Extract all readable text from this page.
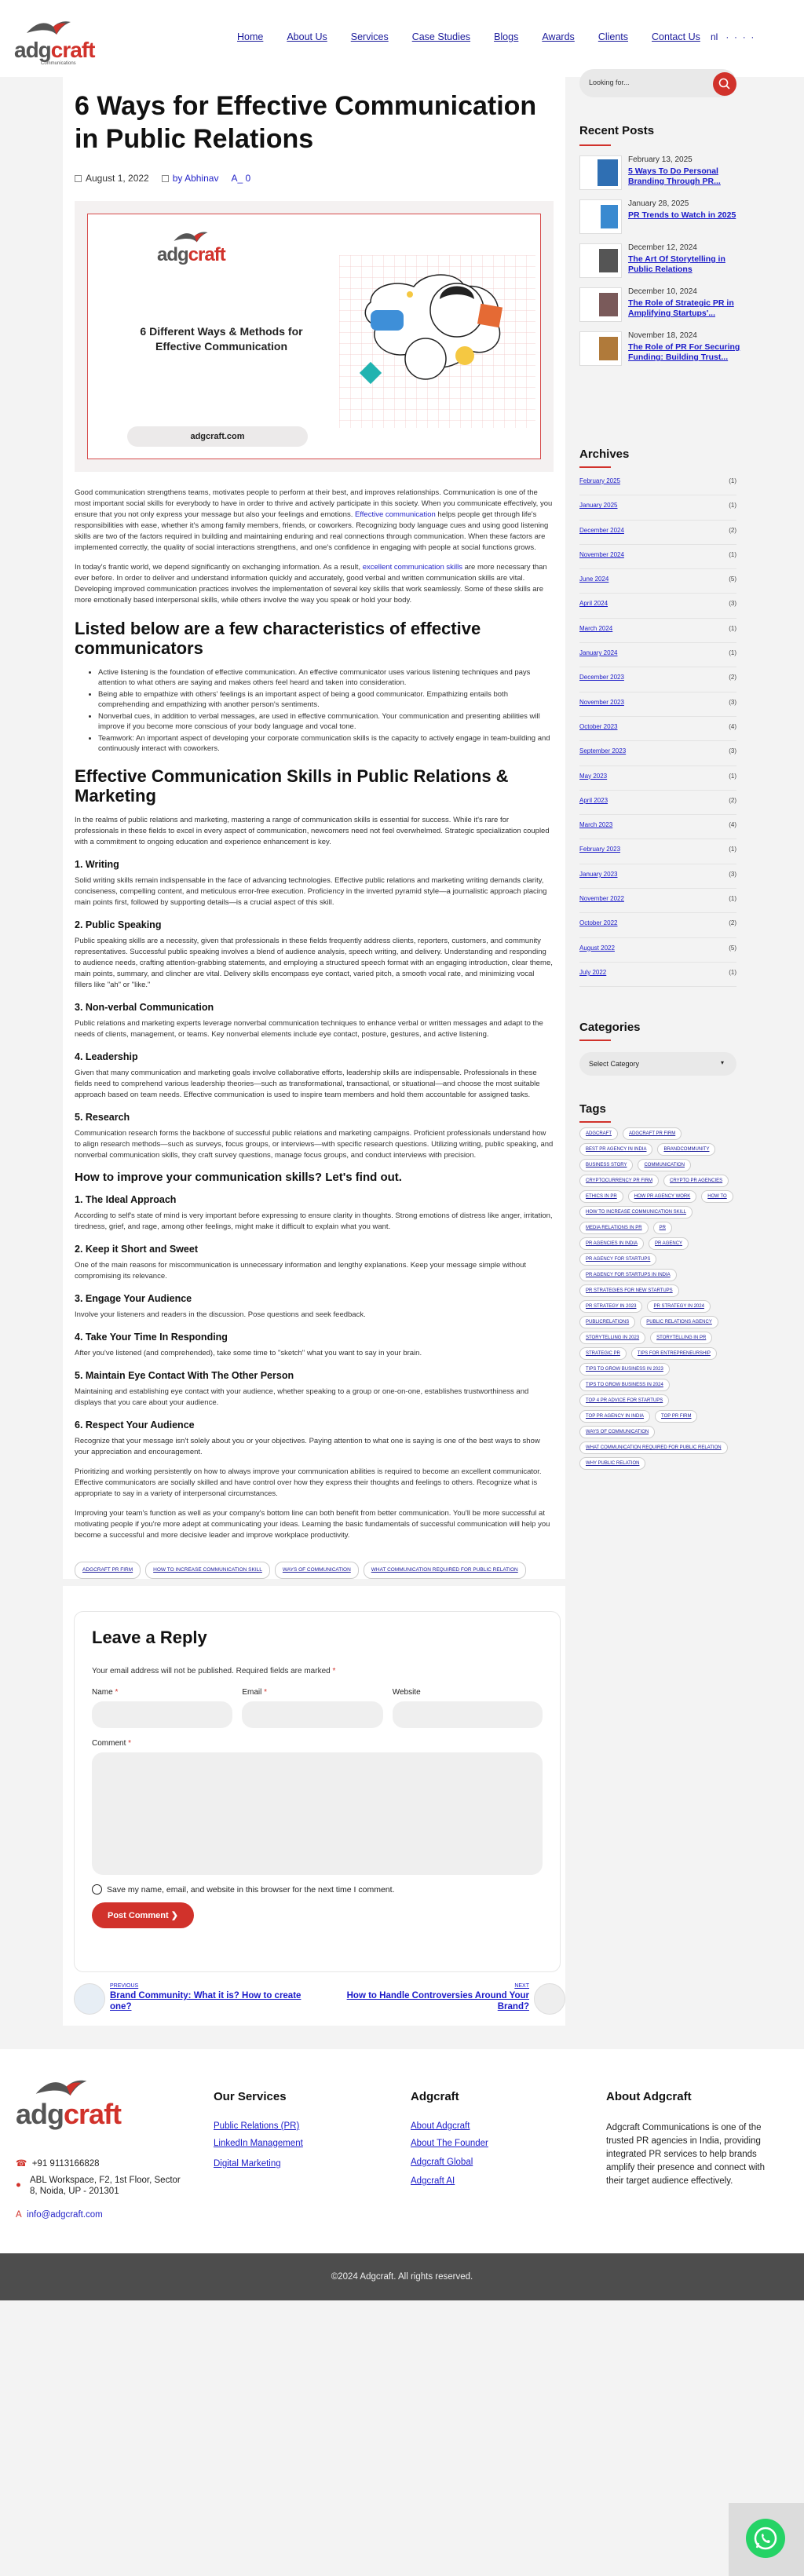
adgcraft
Communications
Home About Us Services Case Studies Blogs Awards Clients Contact Us nl ·  ·  ·  ·
6 Ways for Effective Communication in Public Relations
August 1, 2022	by Abhinav A_ 0
adgcraft
6 Different Ways & Methods for Effective Communication
adgcraft.com

Good communication strengthens teams, motivates people to perform at their best, and improves relationships. Communication is one of the most important social skills for everybody to have in order to thrive and actively participate in this society. When you communicate effectively, you ensure that you not only express your message but also your feelings and emotions. Effective communication helps people get through life's responsibilities with ease, whether it's among family members, friends, or coworkers. Recognizing body language cues and using good listening skills are two of the factors required in building and maintaining enduring and real connections through communication. When these factors are implemented correctly, the quality of social interactions strengthens, and one's confidence in engaging with people at social functions grows.

In today's frantic world, we depend significantly on exchanging information. As a result, excellent communication skills are more necessary than ever before. In order to deliver and understand information quickly and accurately, good verbal and written communication skills are vital. Developing improved communication practices involves the implementation of several key skills that work seamlessly. Some of these skills are more emotionally based interpersonal skills, while others involve the way you speak or hold your body.

Listed below are a few characteristics of effective communicators
• Active listening is the foundation of effective communication. An effective communicator uses various listening techniques and pays attention to what others are saying and makes others feel heard and taken into consideration.
• Being able to empathize with others' feelings is an important aspect of being a good communicator. Empathizing entails both comprehending and empathizing with another person's sentiments.
• Nonverbal cues, in addition to verbal messages, are used in effective communication. Your communication and presenting abilities will improve if you become more conscious of your body language and vocal tone.
• Teamwork: An important aspect of developing your corporate communication skills is the capacity to actively engage in team-building and continuously interact with coworkers.
Effective Communication Skills in Public Relations & Marketing

In the realms of public relations and marketing, mastering a range of communication skills is essential for success. While it's rare for professionals in these fields to excel in every aspect of communication, newcomers need not feel overwhelmed. Strategic specialization coupled with a commitment to ongoing education and experience enhancement is key.

1. Writing

Solid writing skills remain indispensable in the face of advancing technologies. Effective public relations and marketing writing demands clarity, conciseness, compelling content, and meticulous error-free execution. Proficiency in the inverted pyramid style—a journalistic approach placing main points first, followed by supporting details—is a crucial aspect of this skill.

2. Public Speaking

Public speaking skills are a necessity, given that professionals in these fields frequently address clients, reporters, customers, and community representatives. Successful public speaking involves a blend of audience analysis, speech writing, and delivery. Understanding and responding to audience needs, crafting attention-grabbing statements, and employing a structured speech format with an engaging introduction, clear theme, main points, summary, and clincher are vital. Delivery skills encompass eye contact, varied pitch, a smooth vocal rate, and minimizing vocal fillers like "ah" or "like."

3. Non-verbal Communication

Public relations and marketing experts leverage nonverbal communication techniques to enhance verbal or written messages and adapt to the needs of clients, management, or teams. Key nonverbal elements include eye contact, posture, gestures, and active listening.

4. Leadership

Given that many communication and marketing goals involve collaborative efforts, leadership skills are indispensable. Professionals in these fields need to comprehend various leadership theories—such as transformational, transactional, or situational—and choose the most suitable approach based on team needs. Effective communication is used to inspire team members and hold them accountable for assigned tasks.

5. Research

Communication research forms the backbone of successful public relations and marketing campaigns. Proficient professionals understand how to align research methods—such as surveys, focus groups, or interviews—with specific research questions. Utilizing writing, public speaking, and nonverbal communication skills, they craft survey questions, manage focus groups, and conduct interviews with precision.

How to improve your communication skills? Let's find out.
1. The Ideal Approach

According to self's state of mind is very important before expressing to ensure clarity in thoughts. Strong emotions of distress like anger, irritation, tiredness, grief, and rage, among other feelings, might make it difficult to explain what you want.

2. Keep it Short and Sweet

One of the main reasons for miscommunication is unnecessary information and lengthy explanations. Keep your message simple without compromising its relevance.

3. Engage Your Audience

Involve your listeners and readers in the discussion. Pose questions and seek feedback.

4. Take Your Time In Responding

After you've listened (and comprehended), take some time to "sketch" what you want to say in your brain.

5. Maintain Eye Contact With The Other Person

Maintaining and establishing eye contact with your audience, whether speaking to a group or one-on-one, establishes trustworthiness and displays that you care about your audience.

6. Respect Your Audience

Recognize that your message isn't solely about you or your objectives. Paying attention to what one is saying is one of the best ways to show your appreciation and encouragement.

Prioritizing and working persistently on how to always improve your communication abilities is required to become an excellent communicator. Effective communicators are socially skilled and have control over how they express their thoughts and feelings to others. Recognize what is appropriate to say in a variety of interpersonal circumstances.

Improving your team's function as well as your company's bottom line can both benefit from better communication. You'll be more successful at motivating people if you're more adept at communicating your ideas. Learning the basic fundamentals of successful communication will help you become a successful and more decisive leader and improve workplace productivity.

ADGCRAFT PR FIRM	HOW TO INCREASE COMMUNICATION SKILL	WAYS OF COMMUNICATION	WHAT COMMUNICATION REQUIRED FOR PUBLIC RELATION
Leave a Reply
Your email address will not be published. Required fields are marked *
Name *	Email *	Website
Comment *
Save my name, email, and website in this browser for the next time I comment.
Post Comment ❯
PREVIOUS
Brand Community: What it is? How to create one?
NEXT
How to Handle Controversies Around Your Brand?
Looking for...
Recent Posts
February 13, 2025
5 Ways To Do Personal Branding Through PR...
January 28, 2025
PR Trends to Watch in 2025
December 12, 2024
The Art Of Storytelling in Public Relations
December 10, 2024
The Role of Strategic PR in Amplifying Startups'...
November 18, 2024
The Role of PR For Securing Funding: Building Trust...
Archives
February 2025	(1)
January 2025	(1)
December 2024	(2)
November 2024	(1)
June 2024	(5)
April 2024	(3)
March 2024	(1)
January 2024	(1)
December 2023	(2)
November 2023	(3)
October 2023	(4)
September 2023	(3)
May 2023	(1)
April 2023	(2)
March 2023	(4)
February 2023	(1)
January 2023	(3)
November 2022	(1)
October 2022	(2)
August 2022	(5)
July 2022	(1)
Categories
Select Category	▾
Tags
ADGCRAFT	ADGCRAFT PR FIRM
BEST PR AGENCY IN INDIA	BRANDCOMMUNITY
BUSINESS STORY	COMMUNICATION
CRYPTOCURRENCY PR FIRM	CRYPTO PR AGENCIES
ETHICS IN PR	HOW PR AGENCY WORK	HOW TO
HOW TO INCREASE COMMUNICATION SKILL
MEDIA RELATIONS IN PR	PR
PR AGENCIES IN INDIA	PR AGENCY
PR AGENCY FOR STARTUPS
PR AGENCY FOR STARTUPS IN INDIA
PR STRATEGIES FOR NEW STARTUPS
PR STRATEGY IN 2023	PR STRATEGY IN 2024
PUBLICRELATIONS	PUBLIC RELATIONS AGENCY
STORYTELLING IN 2023	STORYTELLING IN PR
STRATEGIC PR	TIPS FOR ENTREPRENEURSHIP
TIPS TO GROW BUSINESS IN 2023
TIPS TO GROW BUSINESS IN 2024
TOP 4 PR ADVICE FOR STARTUPS
TOP PR AGENCY IN INDIA	TOP PR FIRM
WAYS OF COMMUNICATION
WHAT COMMUNICATION REQUIRED FOR PUBLIC RELATION
WHY PUBLIC RELATION
adgcraft
☎ +91 9113166828
● ABL Workspace, F2, 1st Floor, Sector
8, Noida, UP - 201301
A info@adgcraft.com
Our Services
Public Relations (PR)
LinkedIn Management
Digital Marketing
Adgcraft
About Adgcraft
About The Founder
Adgcraft Global
Adgcraft AI
About Adgcraft
Adgcraft Communications is one of the trusted PR agencies in India, providing integrated PR services to help brands amplify their presence and connect with their target audience effectively.
©2024 Adgcraft. All rights reserved.
